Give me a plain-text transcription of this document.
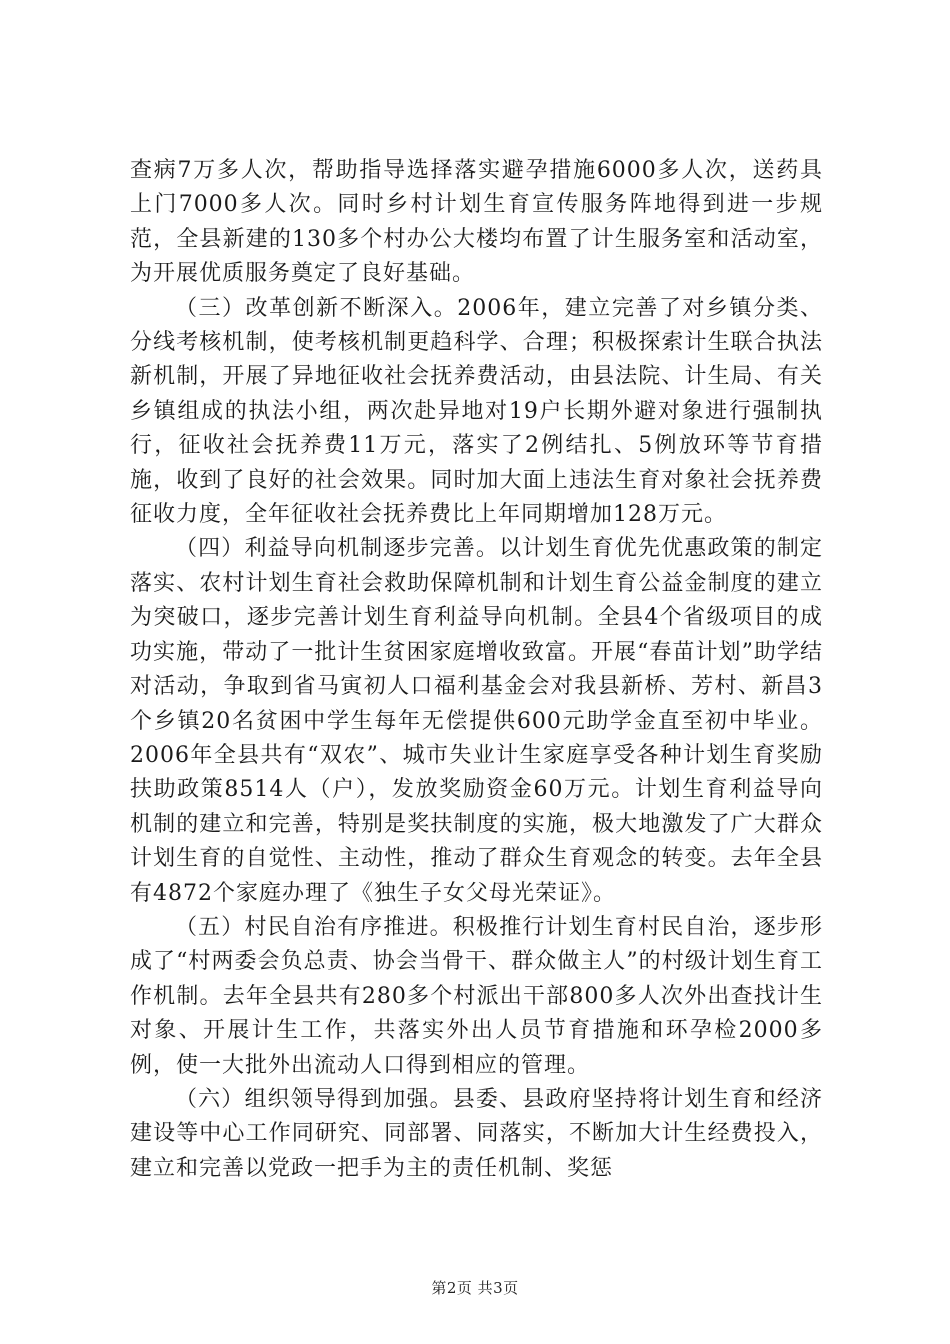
查病7万多人次，帮助指导选择落实避孕措施6000多人次，送药具上门7000多人次。同时乡村计划生育宣传服务阵地得到进一步规范，全县新建的130多个村办公大楼均布置了计生服务室和活动室，为开展优质服务奠定了良好基础。

（三）改革创新不断深入。2006年，建立完善了对乡镇分类、分线考核机制，使考核机制更趋科学、合理；积极探索计生联合执法新机制，开展了异地征收社会抚养费活动，由县法院、计生局、有关乡镇组成的执法小组，两次赴异地对19户长期外避对象进行强制执行，征收社会抚养费11万元，落实了2例结扎、5例放环等节育措施，收到了良好的社会效果。同时加大面上违法生育对象社会抚养费征收力度，全年征收社会抚养费比上年同期增加128万元。

（四）利益导向机制逐步完善。以计划生育优先优惠政策的制定落实、农村计划生育社会救助保障机制和计划生育公益金制度的建立为突破口，逐步完善计划生育利益导向机制。全县4个省级项目的成功实施，带动了一批计生贫困家庭增收致富。开展“春苗计划”助学结对活动，争取到省马寅初人口福利基金会对我县新桥、芳村、新昌3个乡镇20名贫困中学生每年无偿提供600元助学金直至初中毕业。2006年全县共有“双农”、城市失业计生家庭享受各种计划生育奖励扶助政策8514人（户），发放奖励资金60万元。计划生育利益导向机制的建立和完善，特别是奖扶制度的实施，极大地激发了广大群众计划生育的自觉性、主动性，推动了群众生育观念的转变。去年全县有4872个家庭办理了《独生子女父母光荣证》。

（五）村民自治有序推进。积极推行计划生育村民自治，逐步形成了“村两委会负总责、协会当骨干、群众做主人”的村级计划生育工作机制。去年全县共有280多个村派出干部800多人次外出查找计生对象、开展计生工作，共落实外出人员节育措施和环孕检2000多例，使一大批外出流动人口得到相应的管理。

（六）组织领导得到加强。县委、县政府坚持将计划生育和经济建设等中心工作同研究、同部署、同落实，不断加大计生经费投入，建立和完善以党政一把手为主的责任机制、奖惩

第2页 共3页
